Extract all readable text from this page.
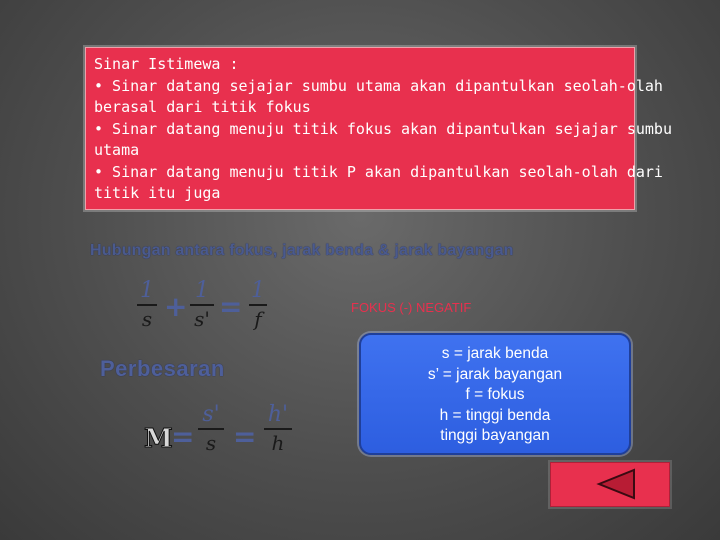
Sinar Istimewa :
• Sinar datang sejajar sumbu utama akan dipantulkan seolah-olah
berasal dari titik fokus
• Sinar datang menuju titik fokus akan dipantulkan sejajar sumbu
utama
• Sinar datang menuju titik P akan dipantulkan seolah-olah dari
titik itu juga
Hubungan antara fokus, jarak benda & jarak bayangan
1
s + 1
s' = 1
f	FOKUS (-) NEGATIF
Perbesaran
M
=
s'
s =
h'
h
s = jarak benda
s’ = jarak bayangan
f = fokus
h = tinggi benda
tinggi bayangan
